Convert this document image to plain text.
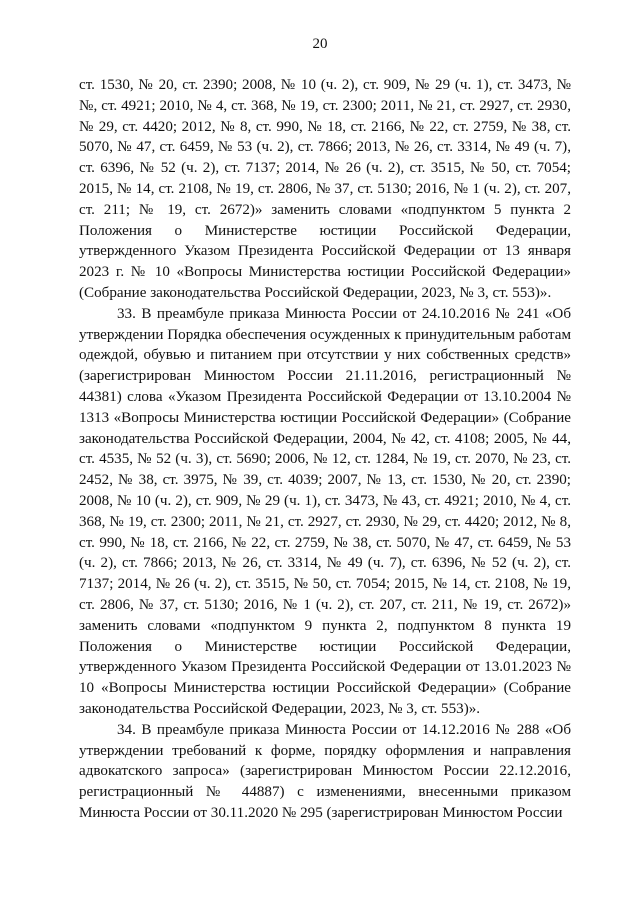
20

ст. 1530, № 20, ст. 2390; 2008, № 10 (ч. 2), ст. 909, № 29 (ч. 1), ст. 3473, № №, ст. 4921; 2010, № 4, ст. 368, № 19, ст. 2300; 2011, № 21, ст. 2927, ст. 2930, № 29, ст. 4420; 2012, № 8, ст. 990, № 18, ст. 2166, № 22, ст. 2759, № 38, ст. 5070, № 47, ст. 6459, № 53 (ч. 2), ст. 7866; 2013, № 26, ст. 3314, № 49 (ч. 7), ст. 6396, № 52 (ч. 2), ст. 7137; 2014, № 26 (ч. 2), ст. 3515, № 50, ст. 7054; 2015, № 14, ст. 2108, № 19, ст. 2806, № 37, ст. 5130; 2016, № 1 (ч. 2), ст. 207, ст. 211; № 19, ст. 2672)» заменить словами «подпунктом 5 пункта 2 Положения о Министерстве юстиции Российской Федерации, утвержденного Указом Президента Российской Федерации от 13 января 2023 г. № 10 «Вопросы Министерства юстиции Российской Федерации» (Собрание законодательства Российской Федерации, 2023, № 3, ст. 553)».

33. В преамбуле приказа Минюста России от 24.10.2016 № 241 «Об утверждении Порядка обеспечения осужденных к принудительным работам одеждой, обувью и питанием при отсутствии у них собственных средств» (зарегистрирован Минюстом России 21.11.2016, регистрационный № 44381) слова «Указом Президента Российской Федерации от 13.10.2004 № 1313 «Вопросы Министерства юстиции Российской Федерации» (Собрание законодательства Российской Федерации, 2004, № 42, ст. 4108; 2005, № 44, ст. 4535, № 52 (ч. 3), ст. 5690; 2006, № 12, ст. 1284, № 19, ст. 2070, № 23, ст. 2452, № 38, ст. 3975, № 39, ст. 4039; 2007, № 13, ст. 1530, № 20, ст. 2390; 2008, № 10 (ч. 2), ст. 909, № 29 (ч. 1), ст. 3473, № 43, ст. 4921; 2010, № 4, ст. 368, № 19, ст. 2300; 2011, № 21, ст. 2927, ст. 2930, № 29, ст. 4420; 2012, № 8, ст. 990, № 18, ст. 2166, № 22, ст. 2759, № 38, ст. 5070, № 47, ст. 6459, № 53 (ч. 2), ст. 7866; 2013, № 26, ст. 3314, № 49 (ч. 7), ст. 6396, № 52 (ч. 2), ст. 7137; 2014, № 26 (ч. 2), ст. 3515, № 50, ст. 7054; 2015, № 14, ст. 2108, № 19, ст. 2806, № 37, ст. 5130; 2016, № 1 (ч. 2), ст. 207, ст. 211, № 19, ст. 2672)» заменить словами «подпунктом 9 пункта 2, подпунктом 8 пункта 19 Положения о Министерстве юстиции Российской Федерации, утвержденного Указом Президента Российской Федерации от 13.01.2023 № 10 «Вопросы Министерства юстиции Российской Федерации» (Собрание законодательства Российской Федерации, 2023, № 3, ст. 553)».

34. В преамбуле приказа Минюста России от 14.12.2016 № 288 «Об утверждении требований к форме, порядку оформления и направления адвокатского запроса» (зарегистрирован Минюстом России 22.12.2016, регистрационный № 44887) с изменениями, внесенными приказом Минюста России от 30.11.2020 № 295 (зарегистрирован Минюстом России
